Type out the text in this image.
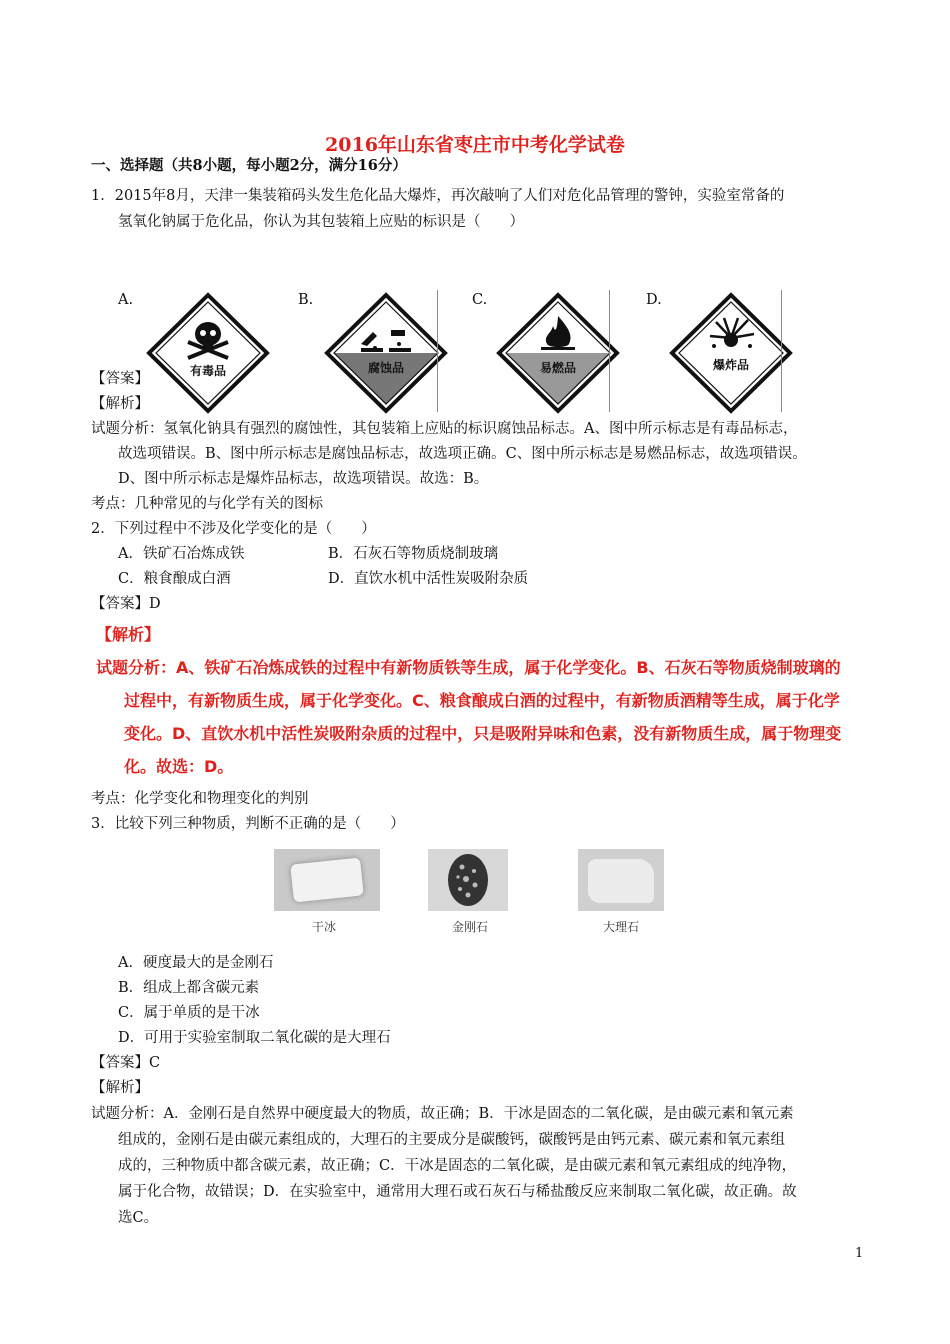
2016年山东省枣庄市中考化学试卷
一、选择题（共8小题，每小题2分，满分16分）
1．2015年8月，天津一集装箱码头发生危化品大爆炸，再次敲响了人们对危化品管理的警钟，实验室常备的
氢氧化钠属于危化品，你认为其包装箱上应贴的标识是（　　）
A.	B.	C.	D.
有毒品	腐蚀品	易燃品	爆炸品
【答案】
【解析】
试题分析：氢氧化钠具有强烈的腐蚀性，其包装箱上应贴的标识腐蚀品标志。A、图中所示标志是有毒品标志，
故选项错误。B、图中所示标志是腐蚀品标志，故选项正确。C、图中所示标志是易燃品标志，故选项错误。
D、图中所示标志是爆炸品标志，故选项错误。故选：B。
考点：几种常见的与化学有关的图标
2．下列过程中不涉及化学变化的是（　　）
A．铁矿石冶炼成铁	B．石灰石等物质烧制玻璃
C．粮食酿成白酒	D．直饮水机中活性炭吸附杂质
【答案】D
【解析】
试题分析：A、铁矿石冶炼成铁的过程中有新物质铁等生成，属于化学变化。B、石灰石等物质烧制玻璃的
过程中，有新物质生成，属于化学变化。C、粮食酿成白酒的过程中，有新物质酒精等生成，属于化学
变化。D、直饮水机中活性炭吸附杂质的过程中，只是吸附异味和色素，没有新物质生成，属于物理变
化。故选：D。
考点：化学变化和物理变化的判别
3．比较下列三种物质，判断不正确的是（　　）
干冰	金刚石	大理石
A．硬度最大的是金刚石
B．组成上都含碳元素
C．属于单质的是干冰
D．可用于实验室制取二氧化碳的是大理石
【答案】C
【解析】
试题分析：A．金刚石是自然界中硬度最大的物质，故正确；B．干冰是固态的二氧化碳，是由碳元素和氧元素
组成的，金刚石是由碳元素组成的，大理石的主要成分是碳酸钙，碳酸钙是由钙元素、碳元素和氧元素组
成的，三种物质中都含碳元素，故正确；C．干冰是固态的二氧化碳，是由碳元素和氧元素组成的纯净物，
属于化合物，故错误；D．在实验室中，通常用大理石或石灰石与稀盐酸反应来制取二氧化碳，故正确。故
选C。
1
